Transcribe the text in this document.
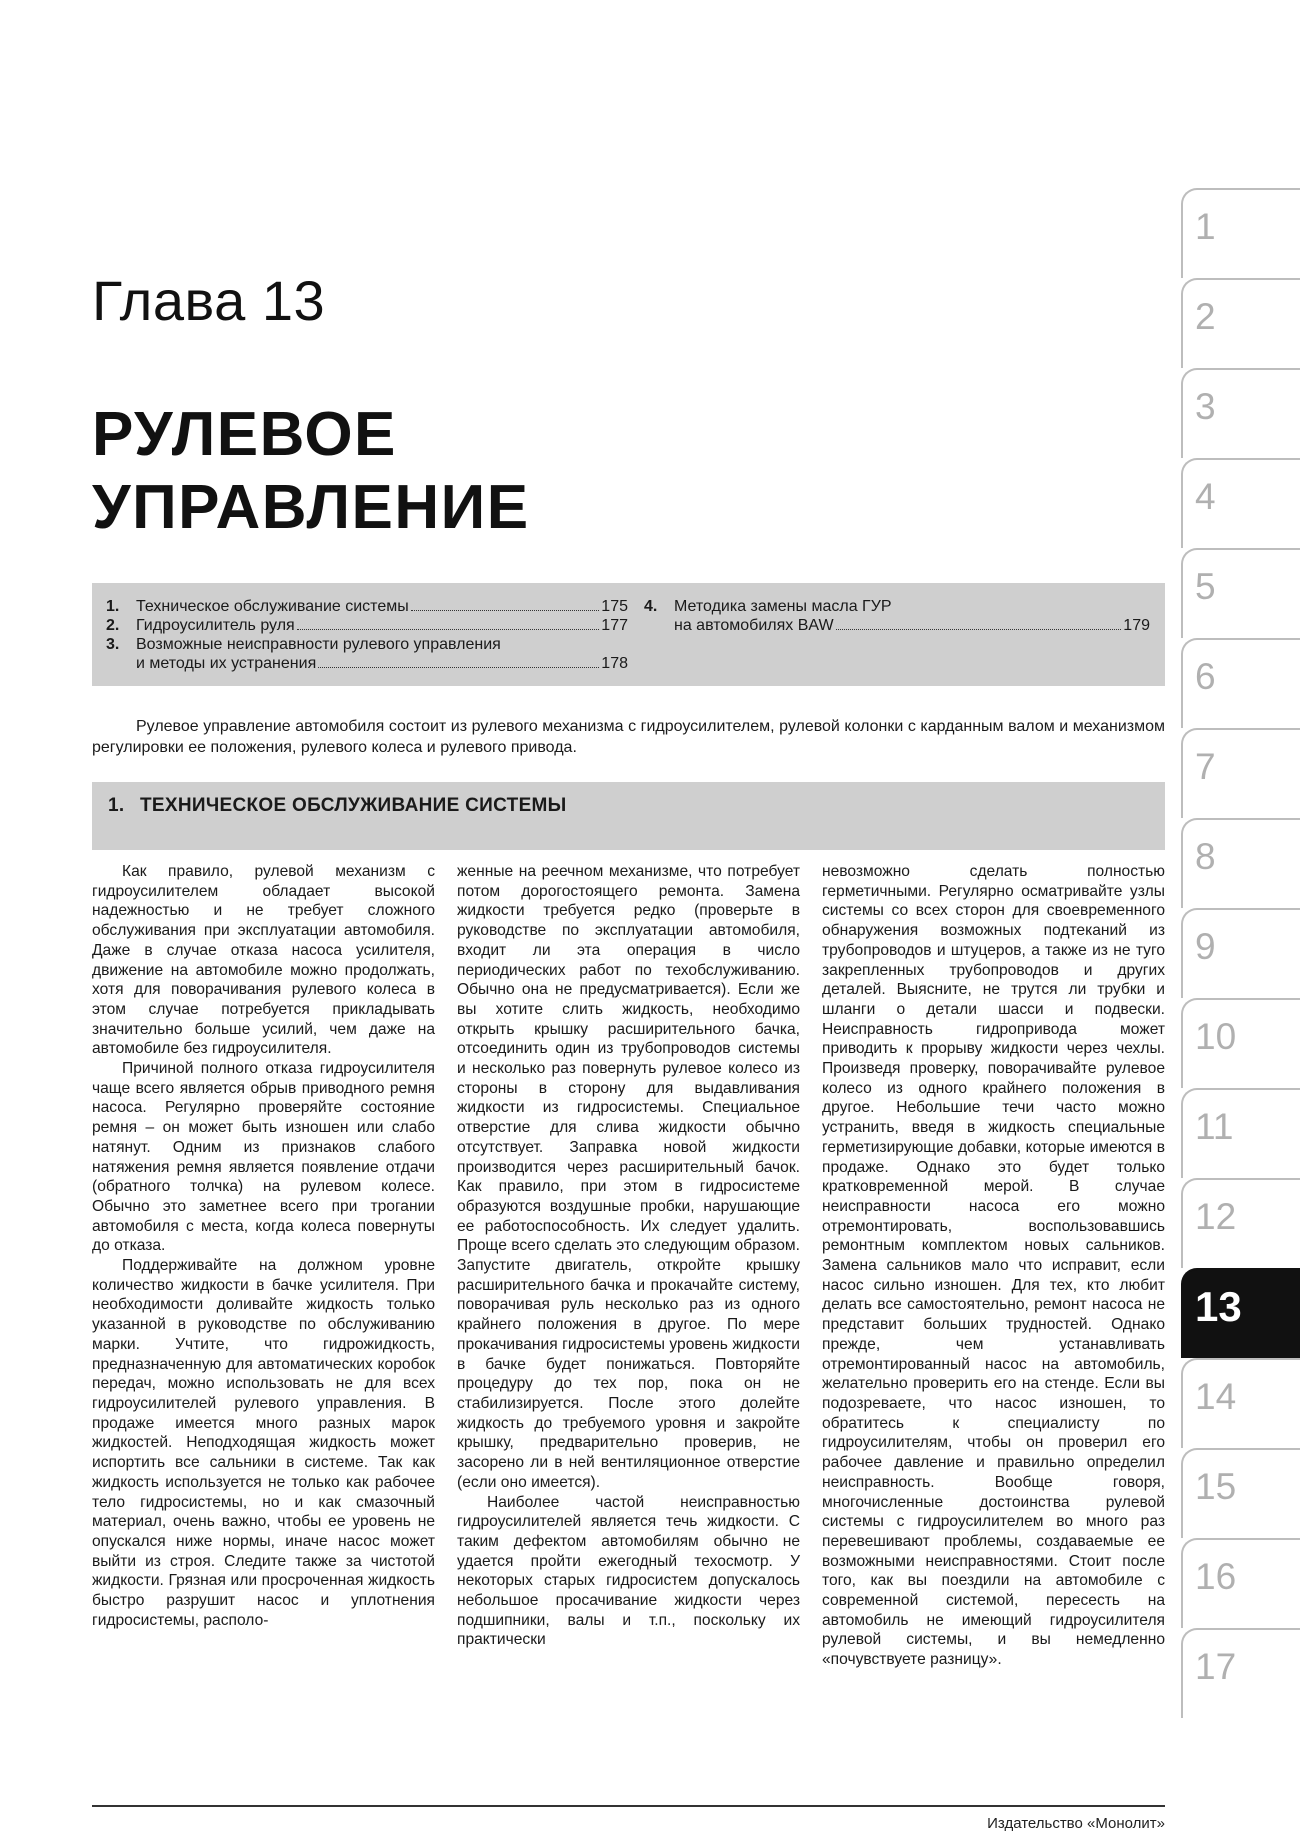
Глава 13
РУЛЕВОЕ
УПРАВЛЕНИЕ
1.	Техническое обслуживание системы	175
2.	Гидроусилитель руля	177
3.	Возможные неисправности рулевого управления
и методы их устранения	178
4.	Методика замены масла ГУР
на автомобилях BAW	179

Рулевое управление автомобиля состоит из рулевого механизма с гидроусилителем, рулевой колонки с карданным валом и механизмом регулировки ее положения, рулевого колеса и рулевого привода.

1. ТЕХНИЧЕСКОЕ ОБСЛУЖИВАНИЕ СИСТЕМЫ

Как правило, рулевой механизм с гидроусилителем обладает высокой надежностью и не требует сложного обслуживания при эксплуатации автомобиля. Даже в случае отказа насоса усилителя, движение на автомобиле можно продолжать, хотя для поворачивания рулевого колеса в этом случае потребуется прикладывать значительно больше усилий, чем даже на автомобиле без гидроусилителя.

Причиной полного отказа гидроусилителя чаще всего является обрыв приводного ремня насоса. Регулярно проверяйте состояние ремня – он может быть изношен или слабо натянут. Одним из признаков слабого натяжения ремня является появление отдачи (обратного толчка) на рулевом колесе. Обычно это заметнее всего при трогании автомобиля с места, когда колеса повернуты до отказа.

Поддерживайте на должном уровне количество жидкости в бачке усилителя. При необходимости доливайте жидкость только указанной в руководстве по обслуживанию марки. Учтите, что гидрожидкость, предназначенную для автоматических коробок передач, можно использовать не для всех гидроусилителей рулевого управления. В продаже имеется много разных марок жидкостей. Неподходящая жидкость может испортить все сальники в системе. Так как жидкость используется не только как рабочее тело гидросистемы, но и как смазочный материал, очень важно, чтобы ее уровень не опускался ниже нормы, иначе насос может выйти из строя. Следите также за чистотой жидкости. Грязная или просроченная жидкость быстро разрушит насос и уплотнения гидросистемы, располо-

женные на реечном механизме, что потребует потом дорогостоящего ремонта. Замена жидкости требуется редко (проверьте в руководстве по эксплуатации автомобиля, входит ли эта операция в число периодических работ по техобслуживанию. Обычно она не предусматривается). Если же вы хотите слить жидкость, необходимо открыть крышку расширительного бачка, отсоединить один из трубопроводов системы и несколько раз повернуть рулевое колесо из стороны в сторону для выдавливания жидкости из гидросистемы. Специальное отверстие для слива жидкости обычно отсутствует. Заправка новой жидкости производится через расширительный бачок. Как правило, при этом в гидросистеме образуются воздушные пробки, нарушающие ее работоспособность. Их следует удалить. Проще всего сделать это следующим образом. Запустите двигатель, откройте крышку расширительного бачка и прокачайте систему, поворачивая руль несколько раз из одного крайнего положения в другое. По мере прокачивания гидросистемы уровень жидкости в бачке будет понижаться. Повторяйте процедуру до тех пор, пока он не стабилизируется. После этого долейте жидкость до требуемого уровня и закройте крышку, предварительно проверив, не засорено ли в ней вентиляционное отверстие (если оно имеется).

Наиболее частой неисправностью гидроусилителей является течь жидкости. С таким дефектом автомобилям обычно не удается пройти ежегодный техосмотр. У некоторых старых гидросистем допускалось небольшое просачивание жидкости через подшипники, валы и т.п., поскольку их практически

невозможно сделать полностью герметичными. Регулярно осматривайте узлы системы со всех сторон для своевременного обнаружения возможных подтеканий из трубопроводов и штуцеров, а также из не туго закрепленных трубопроводов и других деталей. Выясните, не трутся ли трубки и шланги о детали шасси и подвески. Неисправность гидропривода может приводить к прорыву жидкости через чехлы. Произведя проверку, поворачивайте рулевое колесо из одного крайнего положения в другое. Небольшие течи часто можно устранить, введя в жидкость специальные герметизирующие добавки, которые имеются в продаже. Однако это будет только кратковременной мерой. В случае неисправности насоса его можно отремонтировать, воспользовавшись ремонтным комплектом новых сальников. Замена сальников мало что исправит, если насос сильно изношен. Для тех, кто любит делать все самостоятельно, ремонт насоса не представит больших трудностей. Однако прежде, чем устанавливать отремонтированный насос на автомобиль, желательно проверить его на стенде. Если вы подозреваете, что насос изношен, то обратитесь к специалисту по гидроусилителям, чтобы он проверил его рабочее давление и правильно определил неисправность. Вообще говоря, многочисленные достоинства рулевой системы с гидроусилителем во много раз перевешивают проблемы, создаваемые ее возможными неисправностями. Стоит после того, как вы поездили на автомобиле с современной системой, пересесть на автомобиль не имеющий гидроусилителя рулевой системы, и вы немедленно «почувствуете разницу».

Издательство «Монолит»
1
2
3
4
5
6
7
8
9
10
11
12
13
14
15
16
17
